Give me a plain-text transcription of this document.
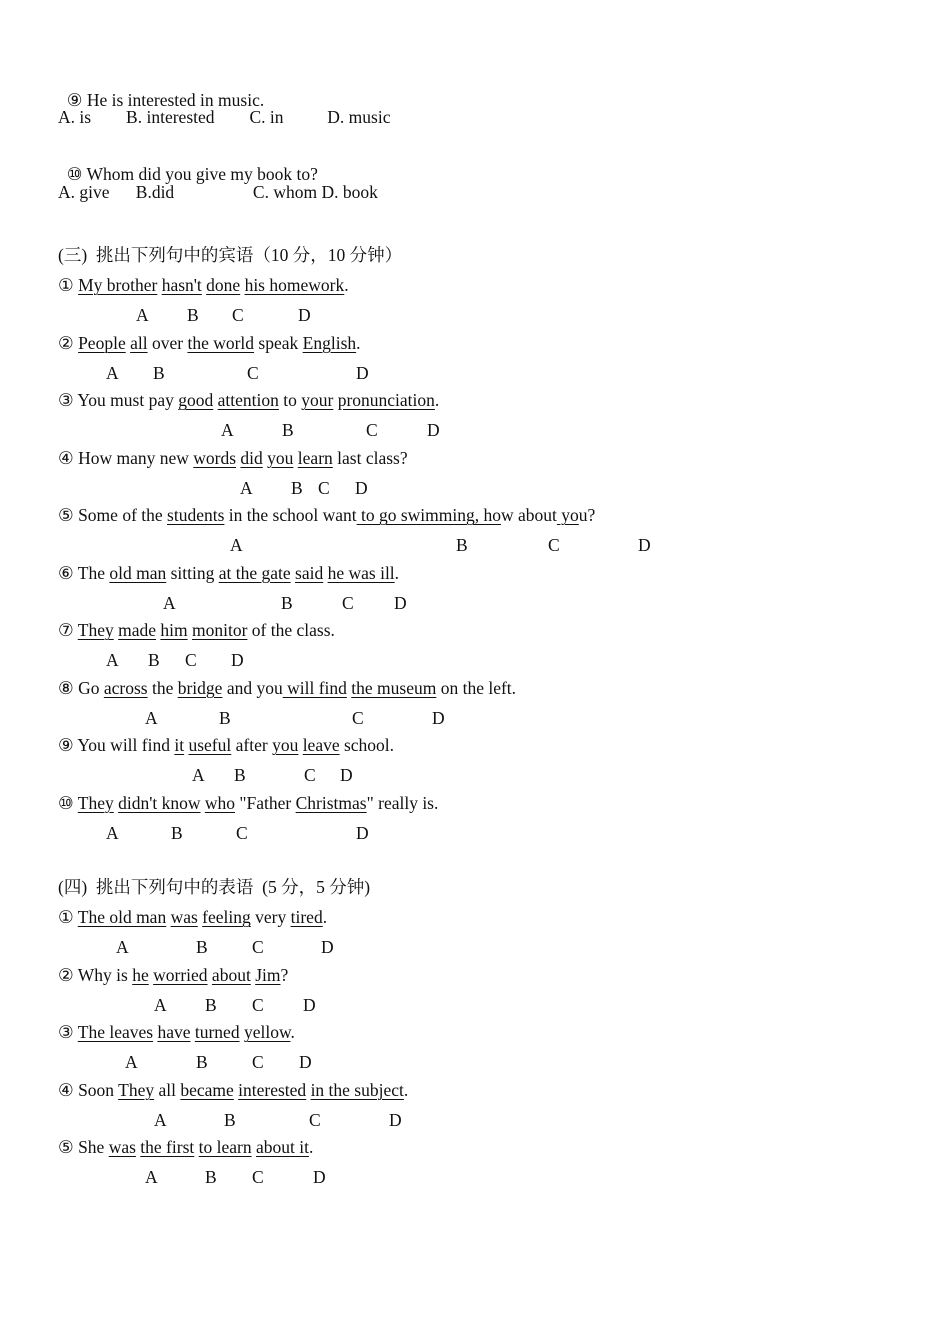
⑨ He is interested in music.

A. is        B. interested        C. in          D. music

⑩ Whom did you give my book to?

A. give      B.did                  C. whom D. book
(三)  挑出下列句中的宾语（10 分，10 分钟）
① My brother hasn't done his homework.
A B C	D
② People all over the world speak English.
A B	C	D
③ You must pay good attention to your pronunciation.
A	B	C	D
④ How many new words did you learn last class?
A B C D
⑤ Some of the students in the school want to go swimming, how about you?
A	B	C	D
⑥ The old man sitting at the gate said he was ill.
A	B	C D
⑦ They made him monitor of the class.
A B C D
⑧ Go across the bridge and you will find the museum on the left.
A	B	C	D
⑨ You will find it useful after you leave school.
A B	C D
⑩ They didn't know who "Father Christmas" really is.
A	B	C	D
(四)  挑出下列句中的表语  (5 分，5 分钟)
① The old man was feeling very tired.
A	B	C	D
② Why is he worried about Jim?
A B C D
③ The leaves have turned yellow.
A	B	C D
④ Soon They all became interested in the subject.
A	B	C	D
⑤ She was the first to learn about it.
A	B C	D
